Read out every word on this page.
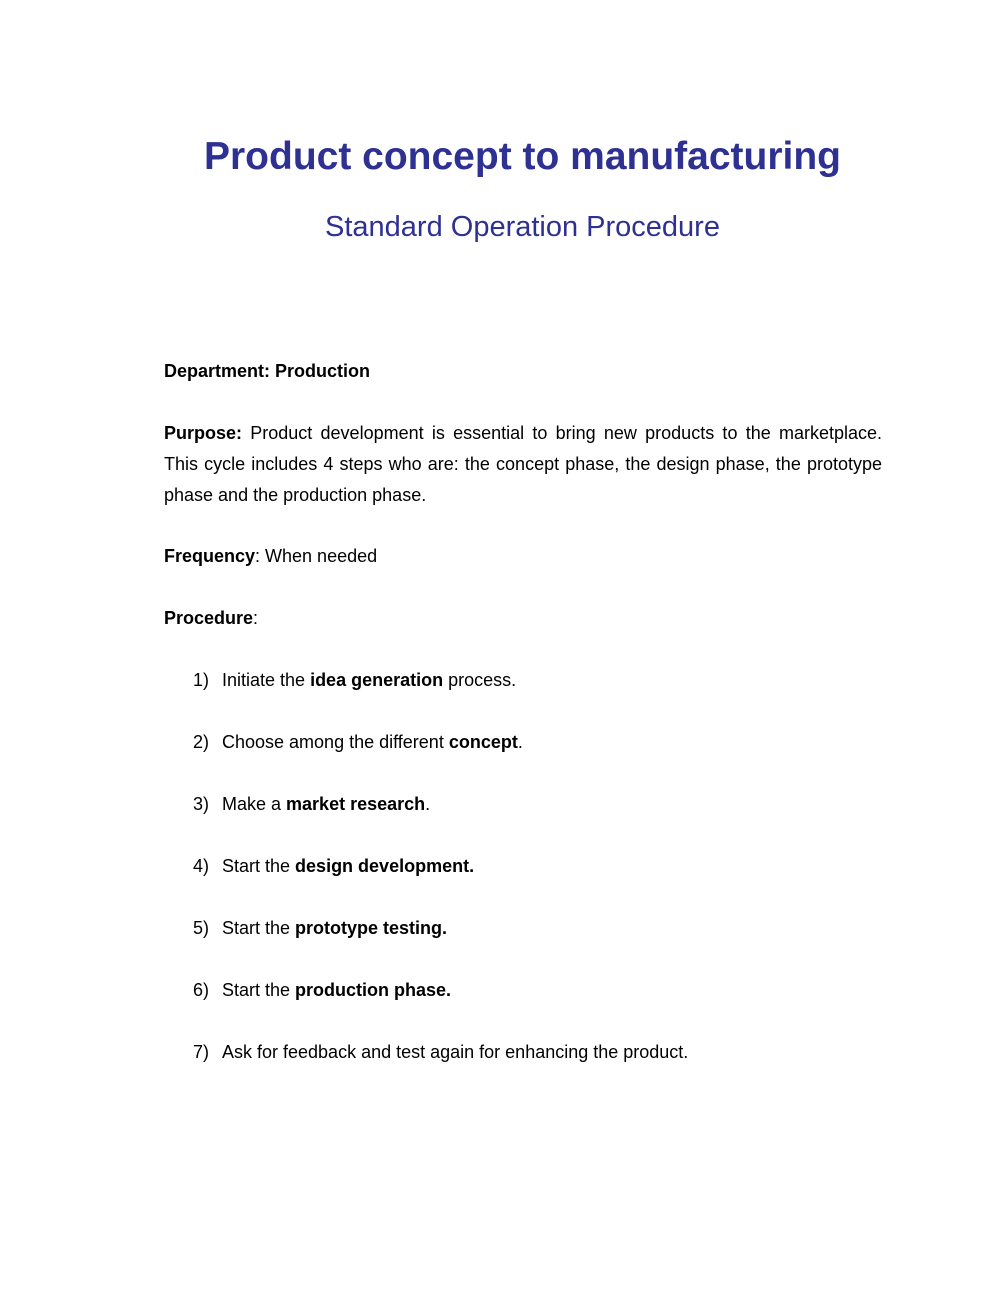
Product concept to manufacturing
Standard Operation Procedure

Department: Production

Purpose: Product development is essential to bring new products to the marketplace. This cycle includes 4 steps who are: the concept phase, the design phase, the prototype phase and the production phase.

Frequency: When needed

Procedure:

1) Initiate the idea generation process.
2) Choose among the different concept.
3) Make a market research.
4) Start the design development.
5) Start the prototype testing.
6) Start the production phase.
7) Ask for feedback and test again for enhancing the product.
